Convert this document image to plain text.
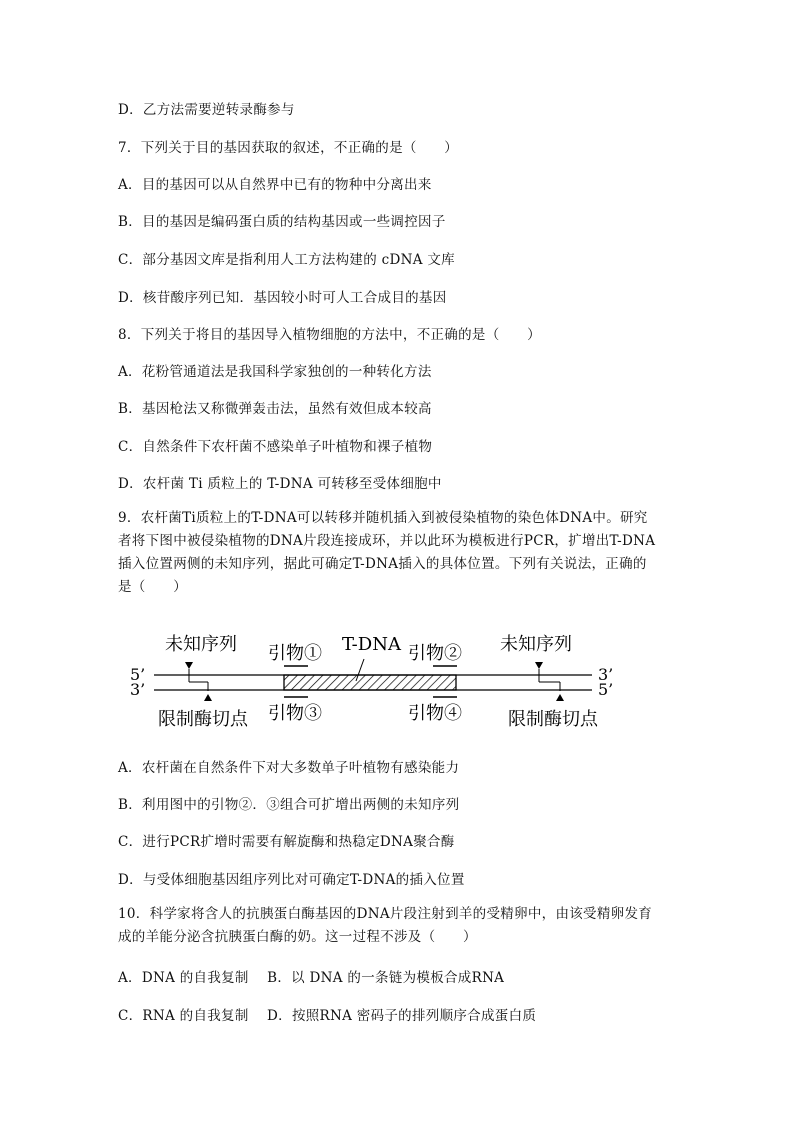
D．乙方法需要逆转录酶参与
7．下列关于目的基因获取的叙述，不正确的是（　　）
A．目的基因可以从自然界中已有的物种中分离出来
B．目的基因是编码蛋白质的结构基因或一些调控因子
C．部分基因文库是指利用人工方法构建的 cDNA 文库
D．核苷酸序列已知．基因较小时可人工合成目的基因
8．下列关于将目的基因导入植物细胞的方法中，不正确的是（　　）
A．花粉管通道法是我国科学家独创的一种转化方法
B．基因枪法又称微弹轰击法，虽然有效但成本较高
C．自然条件下农杆菌不感染单子叶植物和裸子植物
D．农杆菌 Ti 质粒上的 T-DNA 可转移至受体细胞中
9．农杆菌Ti质粒上的T-DNA可以转移并随机插入到被侵染植物的染色体DNA中。研究
者将下图中被侵染植物的DNA片段连接成环，并以此环为模板进行PCR，扩增出T-DNA
插入位置两侧的未知序列，据此可确定T-DNA插入的具体位置。下列有关说法，正确的
是（　　）
未知序列	未知序列
T-DNA
引物①	引物②
引物③	引物④
限制酶切点	限制酶切点
5’
3’
3’
5’
A．农杆菌在自然条件下对大多数单子叶植物有感染能力
B．利用图中的引物②．③组合可扩增出两侧的未知序列
C．进行PCR扩增时需要有解旋酶和热稳定DNA聚合酶
D．与受体细胞基因组序列比对可确定T-DNA的插入位置
10．科学家将含人的抗胰蛋白酶基因的DNA片段注射到羊的受精卵中，由该受精卵发育
成的羊能分泌含抗胰蛋白酶的奶。这一过程不涉及（　　）
A．DNA 的自我复制　 B．以 DNA 的一条链为模板合成RNA
C．RNA 的自我复制　 D．按照RNA 密码子的排列顺序合成蛋白质
